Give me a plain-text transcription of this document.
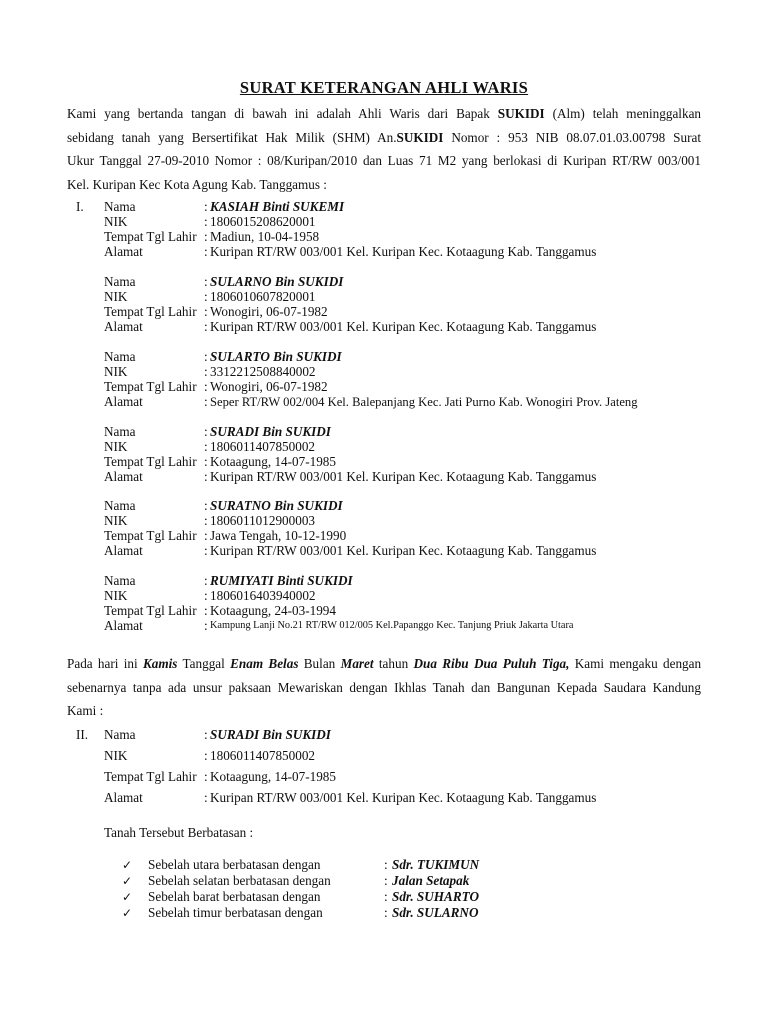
SURAT KETERANGAN AHLI WARIS
Kami yang bertanda tangan di bawah ini adalah Ahli Waris dari Bapak SUKIDI (Alm) telah meninggalkan
sebidang tanah yang Bersertifikat Hak Milik (SHM) An.SUKIDI Nomor : 953 NIB 08.07.01.03.00798 Surat
Ukur Tanggal 27-09-2010 Nomor : 08/Kuripan/2010 dan Luas 71 M2 yang berlokasi di Kuripan RT/RW 003/001
Kel. Kuripan Kec Kota Agung Kab. Tanggamus :
I. Nama	: KASIAH Binti SUKEMI
NIK	: 1806015208620001
Tempat Tgl Lahir : Madiun, 10-04-1958
Alamat	: Kuripan RT/RW 003/001 Kel. Kuripan Kec. Kotaagung Kab. Tanggamus
Nama	: SULARNO Bin SUKIDI
NIK	: 1806010607820001
Tempat Tgl Lahir : Wonogiri, 06-07-1982
Alamat	: Kuripan RT/RW 003/001 Kel. Kuripan Kec. Kotaagung Kab. Tanggamus
Nama	: SULARTO Bin SUKIDI
NIK	: 3312212508840002
Tempat Tgl Lahir : Wonogiri, 06-07-1982
Alamat	: Seper RT/RW 002/004 Kel. Balepanjang Kec. Jati Purno Kab. Wonogiri Prov. Jateng
Nama	: SURADI Bin SUKIDI
NIK	: 1806011407850002
Tempat Tgl Lahir : Kotaagung, 14-07-1985
Alamat	: Kuripan RT/RW 003/001 Kel. Kuripan Kec. Kotaagung Kab. Tanggamus
Nama	: SURATNO Bin SUKIDI
NIK	: 1806011012900003
Tempat Tgl Lahir : Jawa Tengah, 10-12-1990
Alamat	: Kuripan RT/RW 003/001 Kel. Kuripan Kec. Kotaagung Kab. Tanggamus
Nama	: RUMIYATI Binti SUKIDI
NIK	: 1806016403940002
Tempat Tgl Lahir : Kotaagung, 24-03-1994
Alamat	: Kampung Lanji No.21 RT/RW 012/005 Kel.Papanggo Kec. Tanjung Priuk Jakarta Utara
Pada hari ini Kamis Tanggal Enam Belas Bulan Maret tahun Dua Ribu Dua Puluh Tiga, Kami mengaku dengan
sebenarnya tanpa ada unsur paksaan Mewariskan dengan Ikhlas Tanah dan Bangunan Kepada Saudara Kandung
Kami :
II. Nama	: SURADI Bin SUKIDI
NIK	: 1806011407850002
Tempat Tgl Lahir : Kotaagung, 14-07-1985
Alamat	: Kuripan RT/RW 003/001 Kel. Kuripan Kec. Kotaagung Kab. Tanggamus
Tanah Tersebut Berbatasan :
✓ Sebelah utara berbatasan dengan	: Sdr. TUKIMUN
✓ Sebelah selatan berbatasan dengan	: Jalan Setapak
✓ Sebelah barat berbatasan dengan	: Sdr. SUHARTO
✓ Sebelah timur berbatasan dengan	: Sdr. SULARNO
